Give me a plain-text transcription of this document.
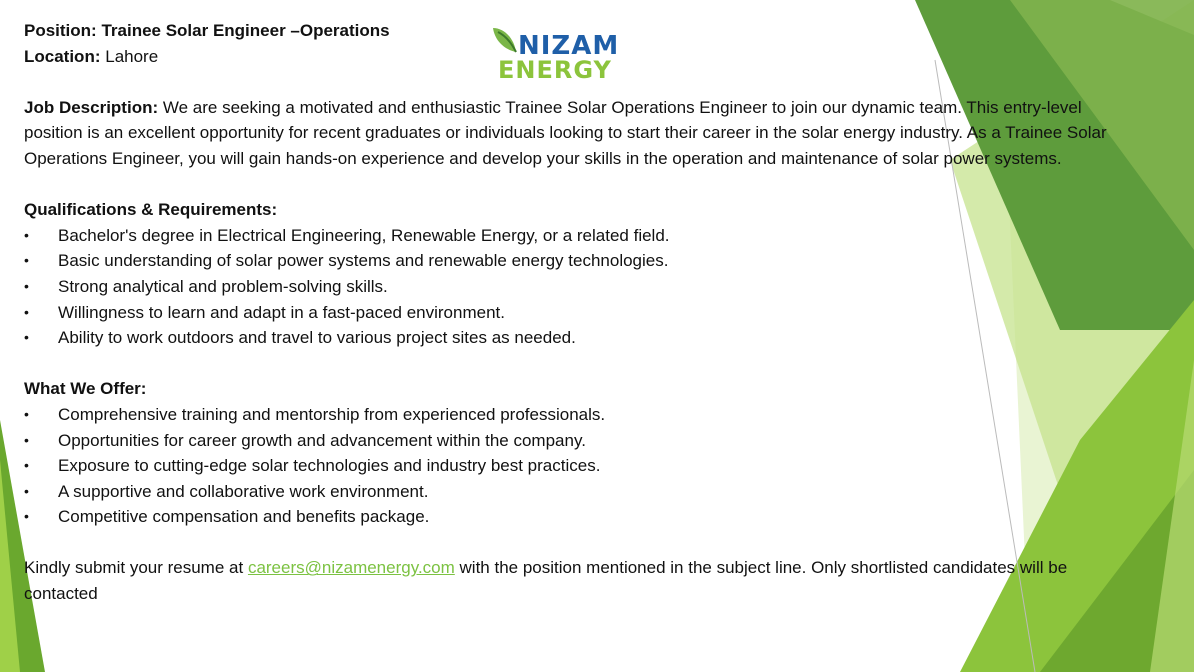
NIZAM
ENERGY

Position: Trainee Solar Engineer –Operations

Location: Lahore

Job Description: We are seeking a motivated and enthusiastic Trainee Solar Operations Engineer to join our dynamic team. This entry-level position is an excellent opportunity for recent graduates or individuals looking to start their career in the solar energy industry. As a Trainee Solar Operations Engineer, you will gain hands-on experience and develop your skills in the operation and maintenance of solar power systems.

Qualifications & Requirements:

• Bachelor's degree in Electrical Engineering, Renewable Energy, or a related field.
• Basic understanding of solar power systems and renewable energy technologies.
• Strong analytical and problem-solving skills.
• Willingness to learn and adapt in a fast-paced environment.
• Ability to work outdoors and travel to various project sites as needed.

What We Offer:

• Comprehensive training and mentorship from experienced professionals.
• Opportunities for career growth and advancement within the company.
• Exposure to cutting-edge solar technologies and industry best practices.
• A supportive and collaborative work environment.
• Competitive compensation and benefits package.

Kindly submit your resume at careers@nizamenergy.com with the position mentioned in the subject line. Only shortlisted candidates will be contacted
